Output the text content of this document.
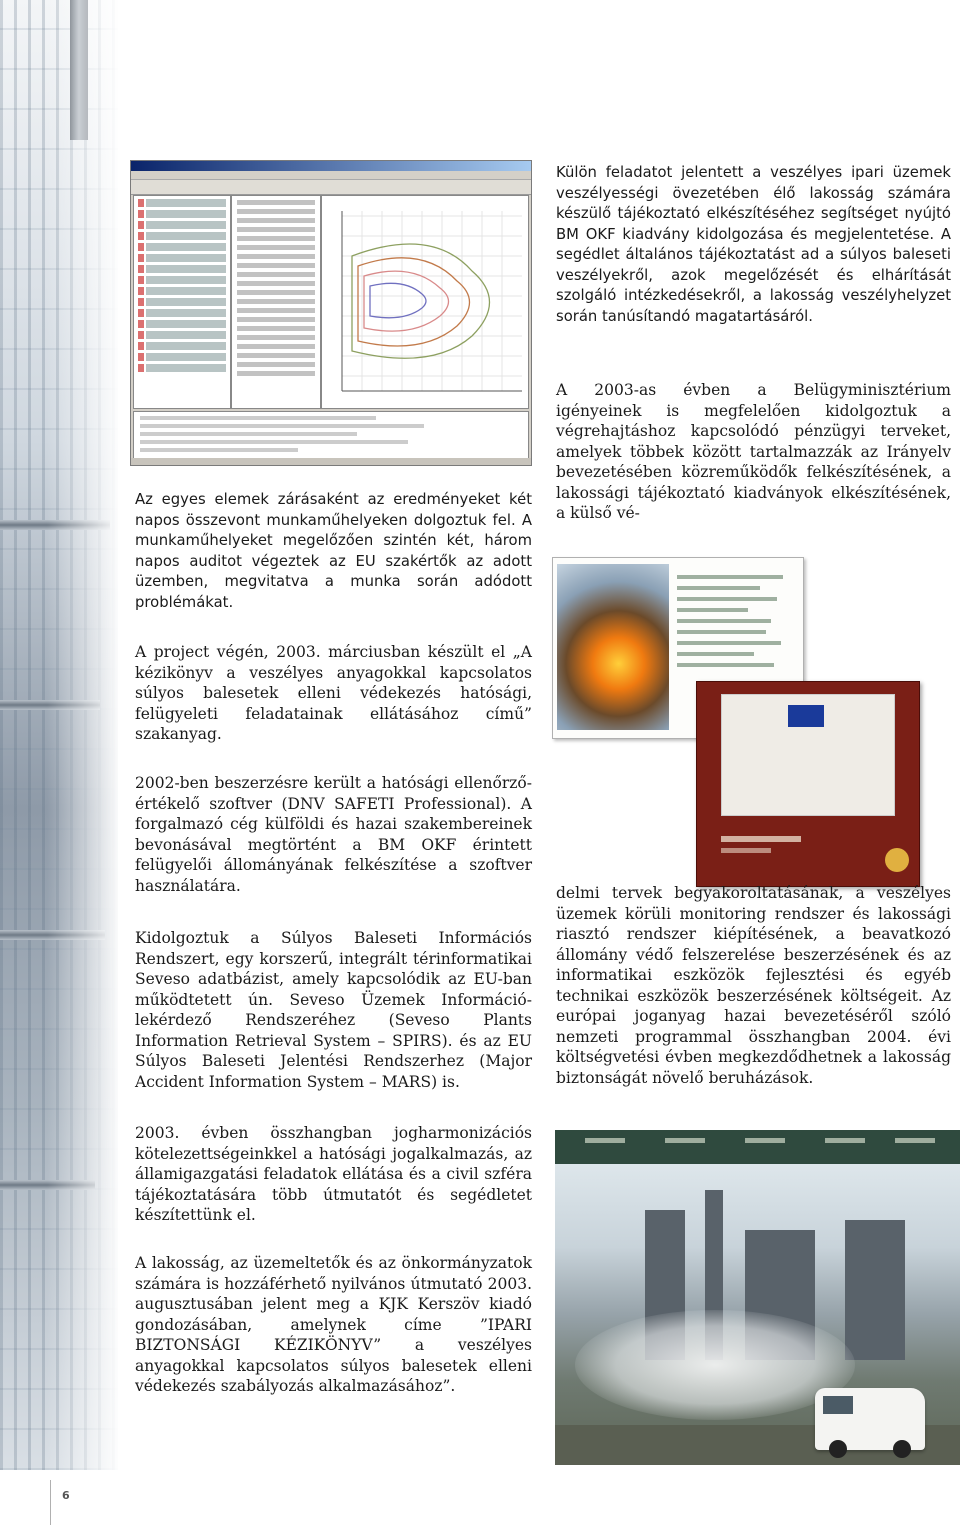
Külön feladatot jelentett a veszélyes ipari üzemek veszélyességi övezetében élő lakosság számára készülő tájékoztató elkészítéséhez segítséget nyújtó BM OKF kiadvány kidolgozása és megjelentetése. A segédlet általános tájékoztatást ad a súlyos baleseti veszélyekről, azok megelőzését és elhárítását szolgáló intézkedésekről, a lakosság veszélyhelyzet során tanúsítandó magatartásáról.

A 2003-as évben a Belügyminisztérium igényeinek is megfelelően kidolgoztuk a végrehajtáshoz kapcsolódó pénzügyi terveket, amelyek többek között tartalmazzák az Irányelv bevezetésében közreműködők felkészítésének, a lakossági tájékoztató kiadványok elkészítésének, a külső vé-

Az egyes elemek zárásaként az eredményeket két napos összevont munkaműhelyeken dolgoztuk fel. A munkaműhelyeket megelőzően szintén két, három napos auditot végeztek az EU szakértők az adott üzemben, megvitatva a munka során adódott problémákat.

A project végén, 2003. márciusban készült el „A kézikönyv a veszélyes anyagokkal kapcsolatos súlyos balesetek elleni védekezés hatósági, felügyeleti feladatainak ellátásához című” szakanyag.

2002-ben beszerzésre került a hatósági ellenőrző-értékelő szoftver (DNV SAFETI Professional). A forgalmazó cég külföldi és hazai szakembereinek bevonásával megtörtént a BM OKF érintett felügyelői állományának felkészítése a szoftver használatára.

Kidolgoztuk a Súlyos Baleseti Információs Rendszert, egy korszerű, integrált térinformatikai Seveso adatbázist, amely kapcsolódik az EU-ban működtetett ún. Seveso Üzemek Információ-lekérdező Rendszeréhez (Seveso Plants Information Retrieval System – SPIRS). és az EU Súlyos Baleseti Jelentési Rendszerhez (Major Accident Information System – MARS) is.

2003. évben összhangban jogharmonizációs kötelezettségeinkkel a hatósági jogalkalmazás, az államigazgatási feladatok ellátása és a civil szféra tájékoztatására több útmutatót és segédletet készítettünk el.

A lakosság, az üzemeltetők és az önkormányzatok számára is hozzáférhető nyilvános útmutató 2003. augusztusában jelent meg a KJK Kerszöv kiadó gondozásában, amelynek címe ”IPARI BIZTONSÁGI KÉZIKÖNYV” a veszélyes anyagokkal kapcsolatos súlyos balesetek elleni védekezés szabályozás alkalmazásához”.

delmi tervek begyakoroltatásának, a veszélyes üzemek körüli monitoring rendszer és lakossági riasztó rendszer kiépítésének, a beavatkozó állomány védő felszerelése beszerzésének és az informatikai eszközök fejlesztési és egyéb technikai eszközök beszerzésének költségeit. Az európai joganyag hazai bevezetéséről szóló nemzeti programmal összhangban 2004. évi költségvetési évben megkezdődhetnek a lakosság biztonságát növelő beruházások.

6
